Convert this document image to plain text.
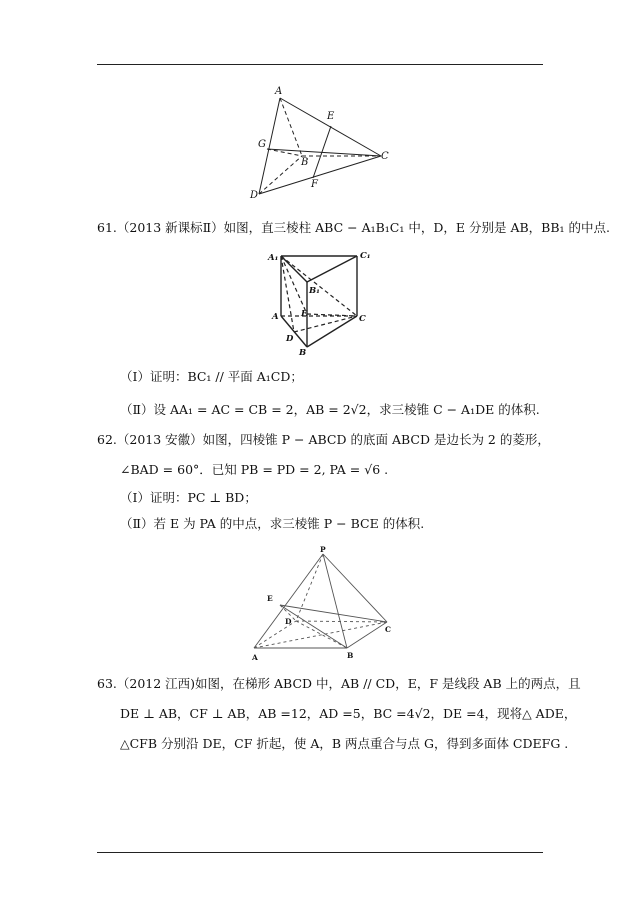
A
E
G
B
C
F
D
61.（2013 新课标Ⅱ）如图，直三棱柱 ABC − A₁B₁C₁ 中，D，E 分别是 AB，BB₁ 的中点.
A₁	C₁
B₁
A	E	C
D
B
（Ⅰ）证明：BC₁ // 平面 A₁CD；
（Ⅱ）设 AA₁ = AC = CB = 2，AB = 2√2，求三棱锥 C − A₁DE 的体积.
62.（2013 安徽）如图，四棱锥 P − ABCD 的底面 ABCD 是边长为 2 的菱形，
∠BAD = 60°．已知 PB = PD = 2, PA = √6 .
（Ⅰ）证明：PC ⊥ BD；
（Ⅱ）若 E 为 PA 的中点，求三棱锥 P − BCE 的体积.
P
E
D
C
A	B
63.（2012 江西)如图，在梯形 ABCD 中，AB // CD，E，F 是线段 AB 上的两点，且
DE ⊥ AB，CF ⊥ AB，AB =12，AD =5，BC =4√2，DE =4，现将△ ADE，
△CFB 分别沿 DE，CF 折起，使 A，B 两点重合与点 G，得到多面体 CDEFG .
